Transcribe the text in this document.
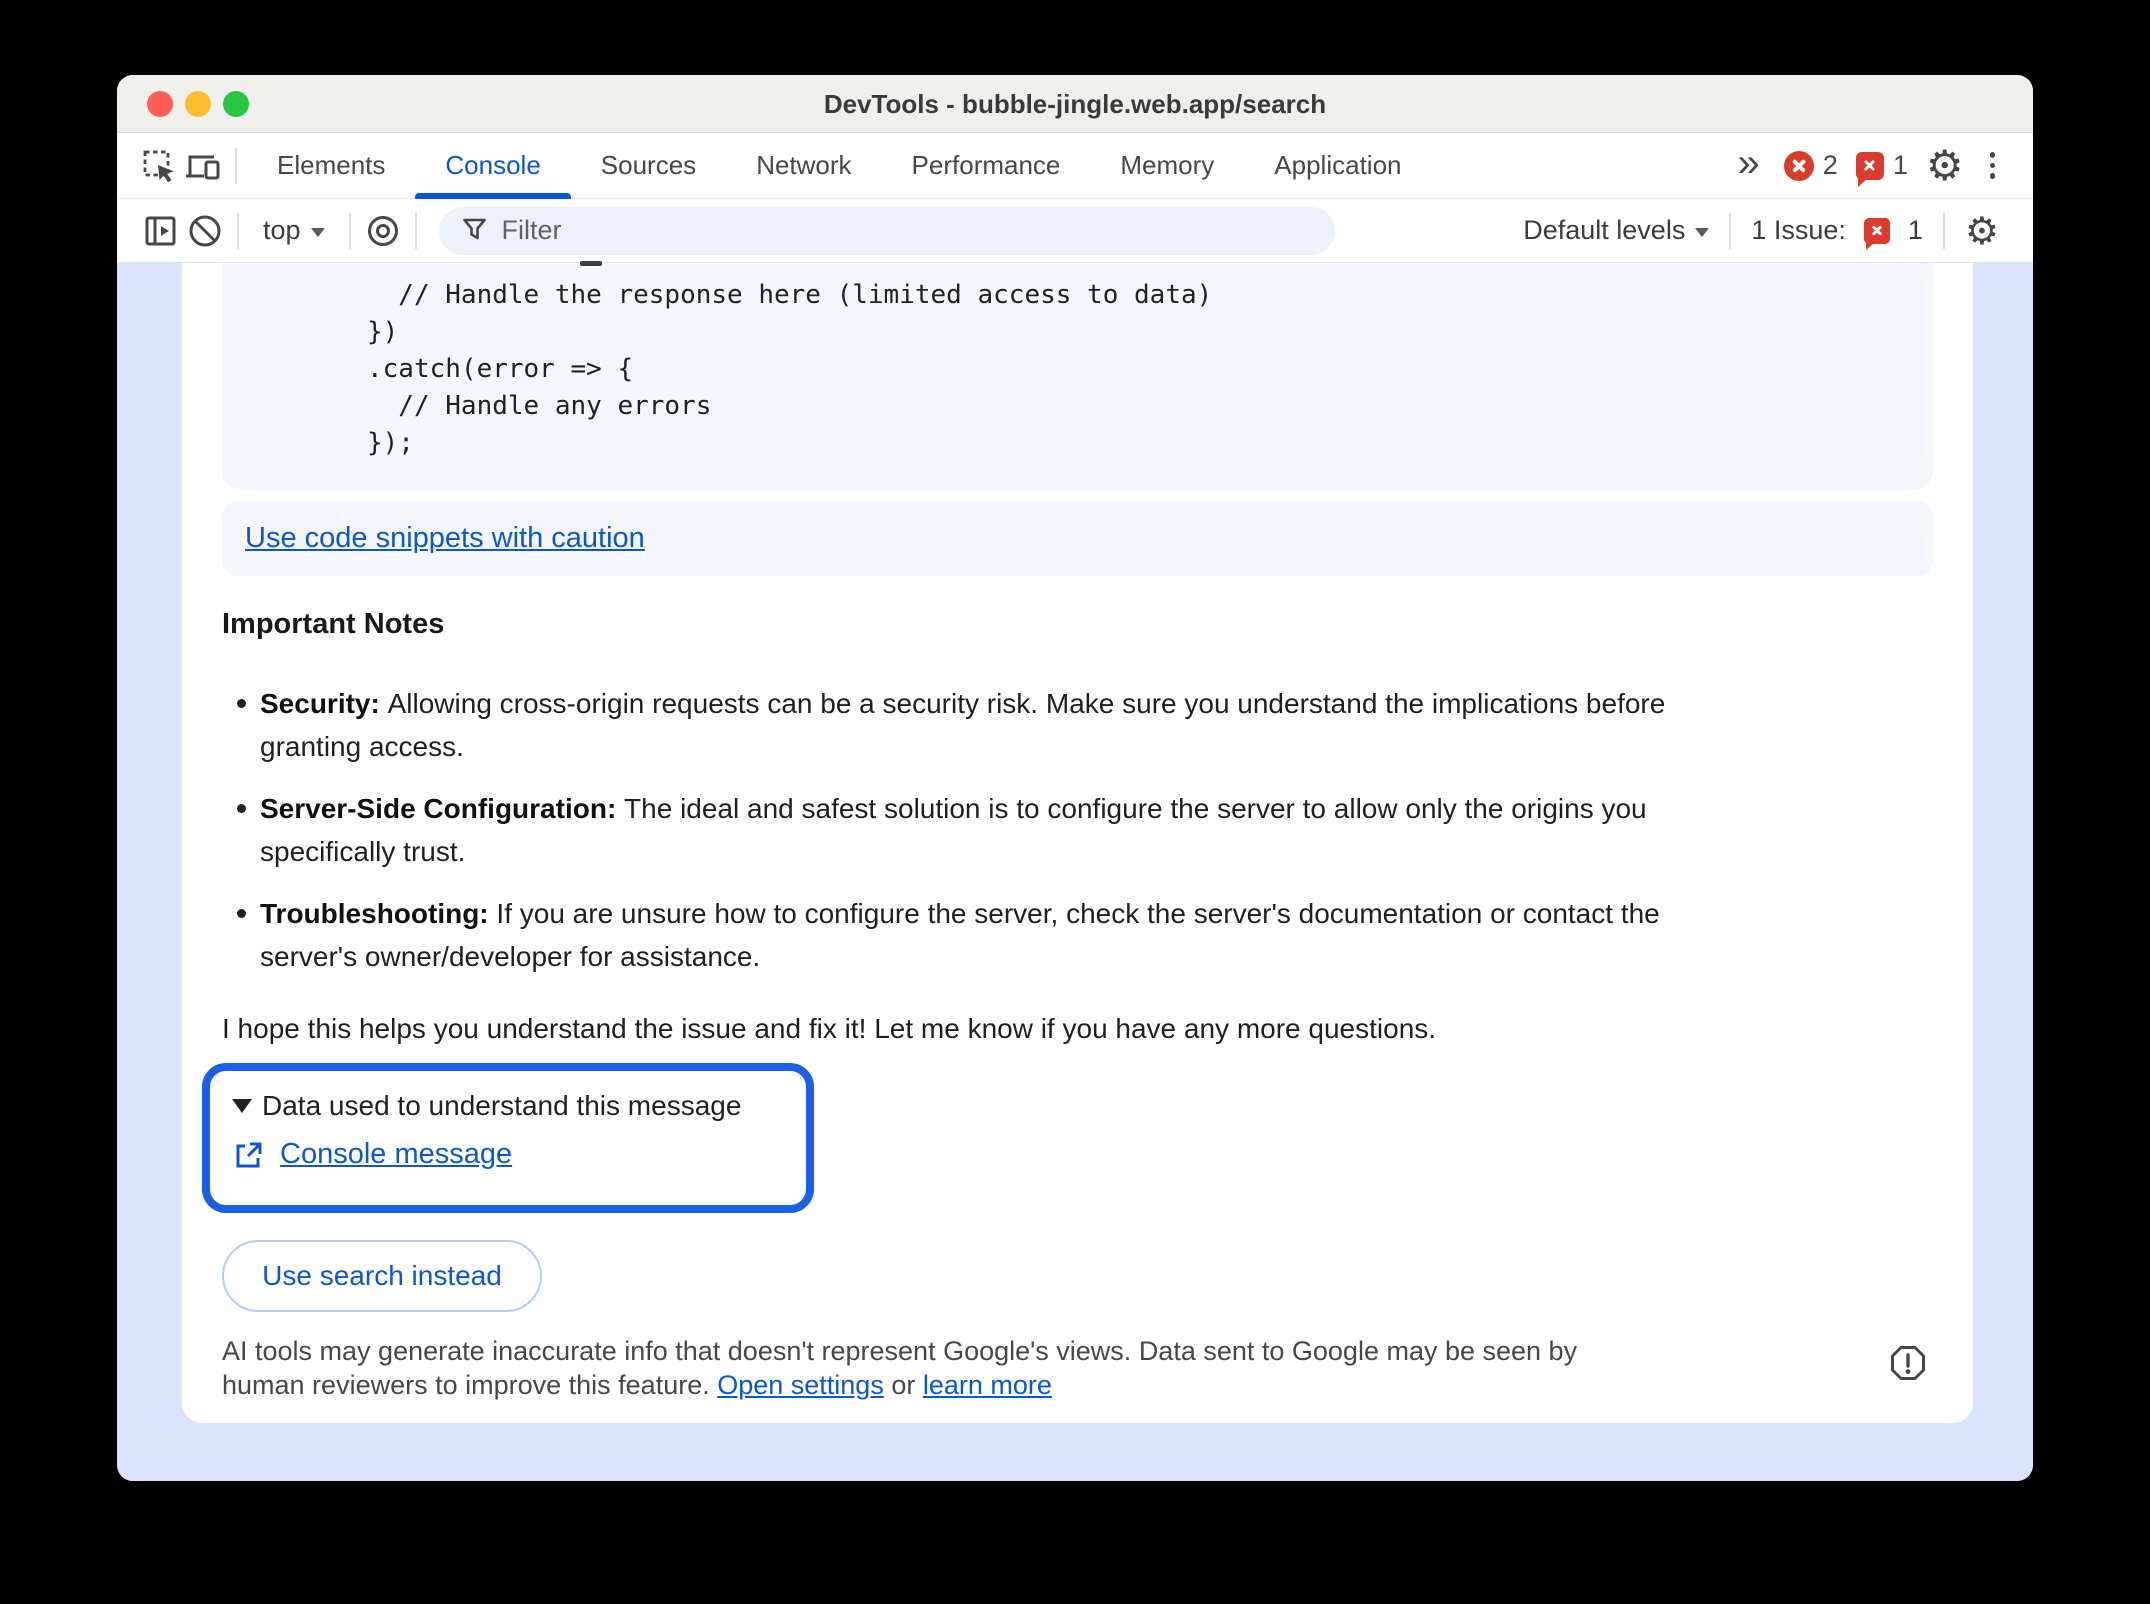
DevTools - bubble-jingle.web.app/search
Elements	Console	Sources	Network	Performance	Memory	Application	» 2 1 ⚙
top	Filter	Default levels 1 Issue: 1 ⚙
// Handle the response here (limited access to data)
})
.catch(error => {
// Handle any errors
});
Use code snippets with caution
Important Notes
Security: Allowing cross-origin requests can be a security risk. Make sure you understand the implications before
granting access.
Server-Side Configuration: The ideal and safest solution is to configure the server to allow only the origins you
specifically trust.
Troubleshooting: If you are unsure how to configure the server, check the server's documentation or contact the
server's owner/developer for assistance.
I hope this helps you understand the issue and fix it! Let me know if you have any more questions.
Data used to understand this message
Console message
Use search instead
AI tools may generate inaccurate info that doesn't represent Google's views. Data sent to Google may be seen by
human reviewers to improve this feature. Open settings or learn more
